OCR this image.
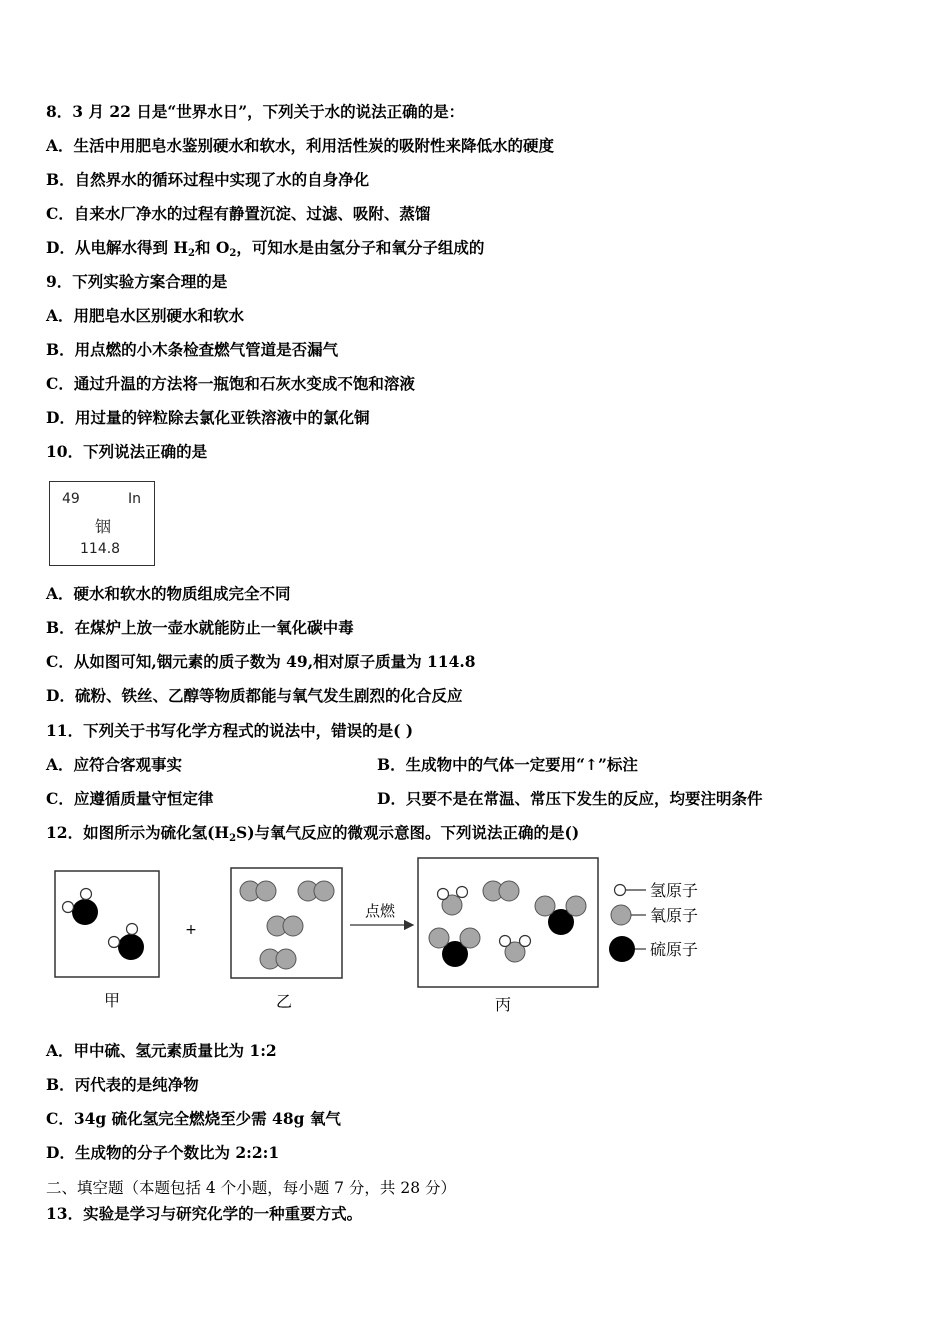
8．3 月 22 日是“世界水日”，下列关于水的说法正确的是：
A．生活中用肥皂水鉴别硬水和软水，利用活性炭的吸附性来降低水的硬度
B．自然界水的循环过程中实现了水的自身净化
C．自来水厂净水的过程有静置沉淀、过滤、吸附、蒸馏
D．从电解水得到 $H_2$和 $O_2$，可知水是由氢分子和氧分子组成的
9．下列实验方案合理的是
A．用肥皂水区别硬水和软水
B．用点燃的小木条检查燃气管道是否漏气
C．通过升温的方法将一瓶饱和石灰水变成不饱和溶液
D．用过量的锌粒除去氯化亚铁溶液中的氯化铜
10．下列说法正确的是
49	In
铟
114.8
A．硬水和软水的物质组成完全不同
B．在煤炉上放一壶水就能防止一氧化碳中毒
C．从如图可知,铟元素的质子数为 49,相对原子质量为 114.8
D．硫粉、铁丝、乙醇等物质都能与氧气发生剧烈的化合反应
11．下列关于书写化学方程式的说法中，错误的是( )
A．应符合客观事实	B．生成物中的气体一定要用“↑”标注
C．应遵循质量守恒定律	D．只要不是在常温、常压下发生的反应，均要注明条件
12．如图所示为硫化氢$(H_2S)$与氧气反应的微观示意图。下列说法正确的是()
甲
+
乙
点燃
丙
氢原子
氧原子
硫原子
A．甲中硫、氢元素质量比为 1:2
B．丙代表的是纯净物
C．34g 硫化氢完全燃烧至少需 48g 氧气
D．生成物的分子个数比为 2:2:1
二、填空题（本题包括 4 个小题，每小题 7 分，共 28 分）
13．实验是学习与研究化学的一种重要方式。
